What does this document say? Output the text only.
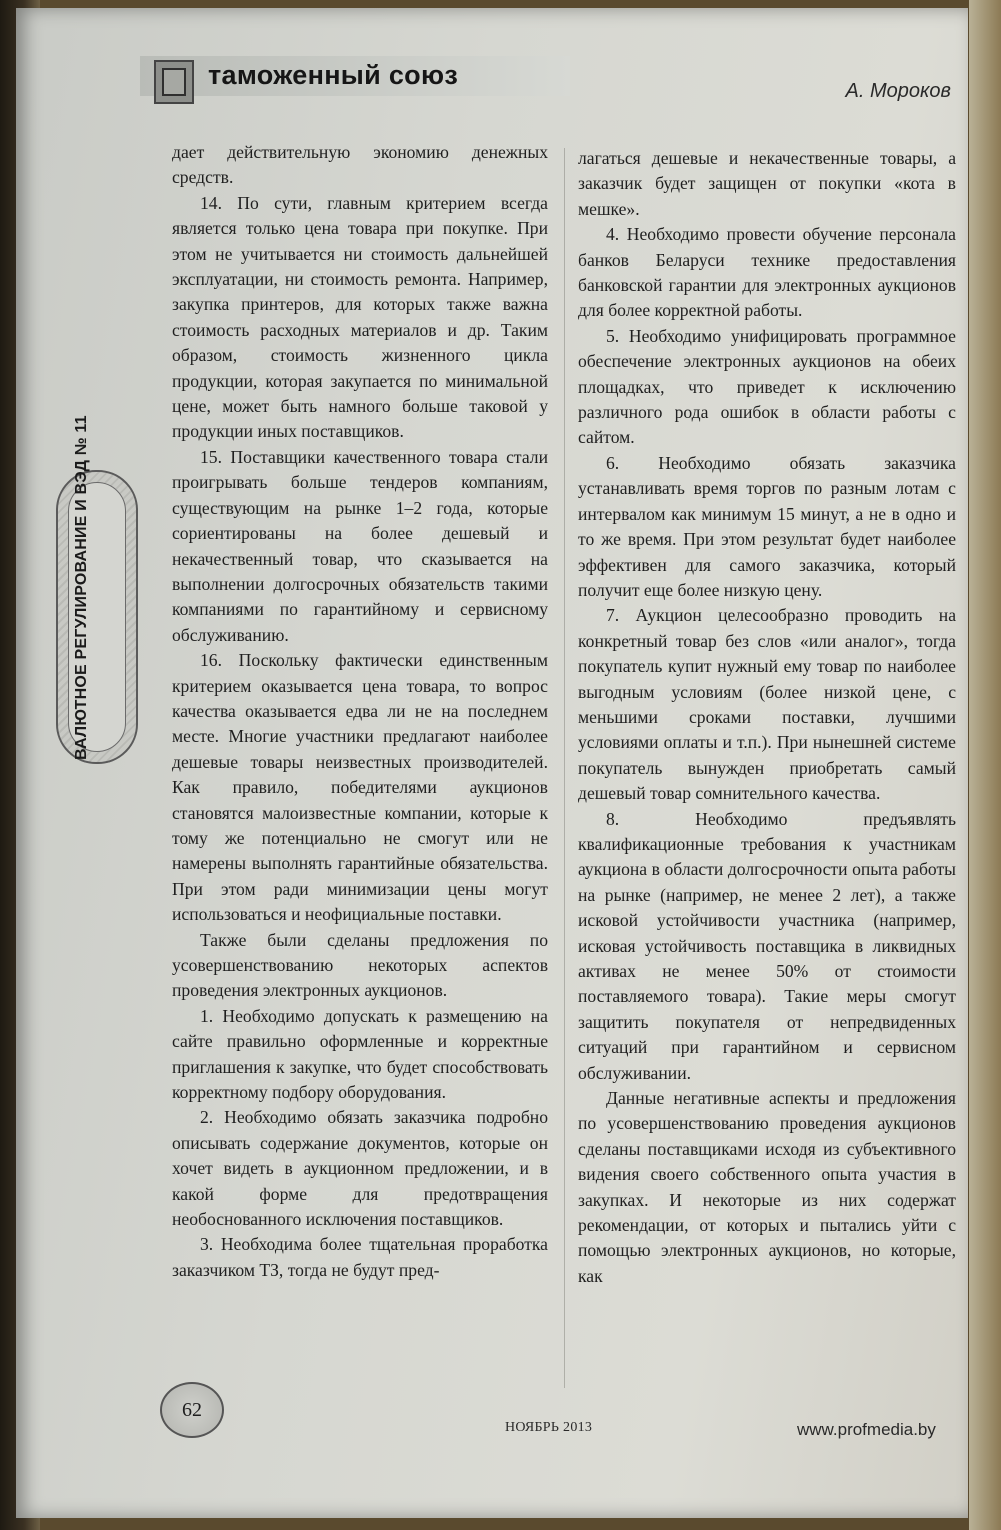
таможенный союз
А. Мороков
ВАЛЮТНОЕ РЕГУЛИРОВАНИЕ И ВЭД № 11

дает действительную экономию денежных средств.

14. По сути, главным критерием всегда является только цена товара при покупке. При этом не учитывается ни стоимость дальнейшей эксплуатации, ни стоимость ремонта. Например, закупка принтеров, для которых также важна стоимость расходных материалов и др. Таким образом, стоимость жизненного цикла продукции, которая закупается по минимальной цене, может быть намного больше таковой у продукции иных поставщиков.

15. Поставщики качественного товара стали проигрывать больше тендеров компаниям, существующим на рынке 1–2 года, которые сориентированы на более дешевый и некачественный товар, что сказывается на выполнении долгосрочных обязательств такими компаниями по гарантийному и сервисному обслуживанию.

16. Поскольку фактически единственным критерием оказывается цена товара, то вопрос качества оказывается едва ли не на последнем месте. Многие участники предлагают наиболее дешевые товары неизвестных производителей. Как правило, победителями аукционов становятся малоизвестные компании, которые к тому же потенциально не смогут или не намерены выполнять гарантийные обязательства. При этом ради минимизации цены могут использоваться и неофициальные поставки.

Также были сделаны предложения по усовершенствованию некоторых аспектов проведения электронных аукционов.

1. Необходимо допускать к размещению на сайте правильно оформленные и корректные приглашения к закупке, что будет способствовать корректному подбору оборудования.

2. Необходимо обязать заказчика подробно описывать содержание документов, которые он хочет видеть в аукционном предложении, и в какой форме для предотвращения необоснованного исключения поставщиков.

3. Необходима более тщательная проработка заказчиком ТЗ, тогда не будут пред-

лагаться дешевые и некачественные товары, а заказчик будет защищен от покупки «кота в мешке».

4. Необходимо провести обучение персонала банков Беларуси технике предоставления банковской гарантии для электронных аукционов для более корректной работы.

5. Необходимо унифицировать программное обеспечение электронных аукционов на обеих площадках, что приведет к исключению различного рода ошибок в области работы с сайтом.

6. Необходимо обязать заказчика устанавливать время торгов по разным лотам с интервалом как минимум 15 минут, а не в одно и то же время. При этом результат будет наиболее эффективен для самого заказчика, который получит еще более низкую цену.

7. Аукцион целесообразно проводить на конкретный товар без слов «или аналог», тогда покупатель купит нужный ему товар по наиболее выгодным условиям (более низкой цене, с меньшими сроками поставки, лучшими условиями оплаты и т.п.). При нынешней системе покупатель вынужден приобретать самый дешевый товар сомнительного качества.

8. Необходимо предъявлять квалификационные требования к участникам аукциона в области долгосрочности опыта работы на рынке (например, не менее 2 лет), а также исковой устойчивости участника (например, исковая устойчивость поставщика в ликвидных активах не менее 50% от стоимости поставляемого товара). Такие меры смогут защитить покупателя от непредвиденных ситуаций при гарантийном и сервисном обслуживании.

Данные негативные аспекты и предложения по усовершенствованию проведения аукционов сделаны поставщиками исходя из субъективного видения своего собственного опыта участия в закупках. И некоторые из них содержат рекомендации, от которых и пытались уйти с помощью электронных аукционов, но которые, как

62
НОЯБРЬ 2013	www.profmedia.by
